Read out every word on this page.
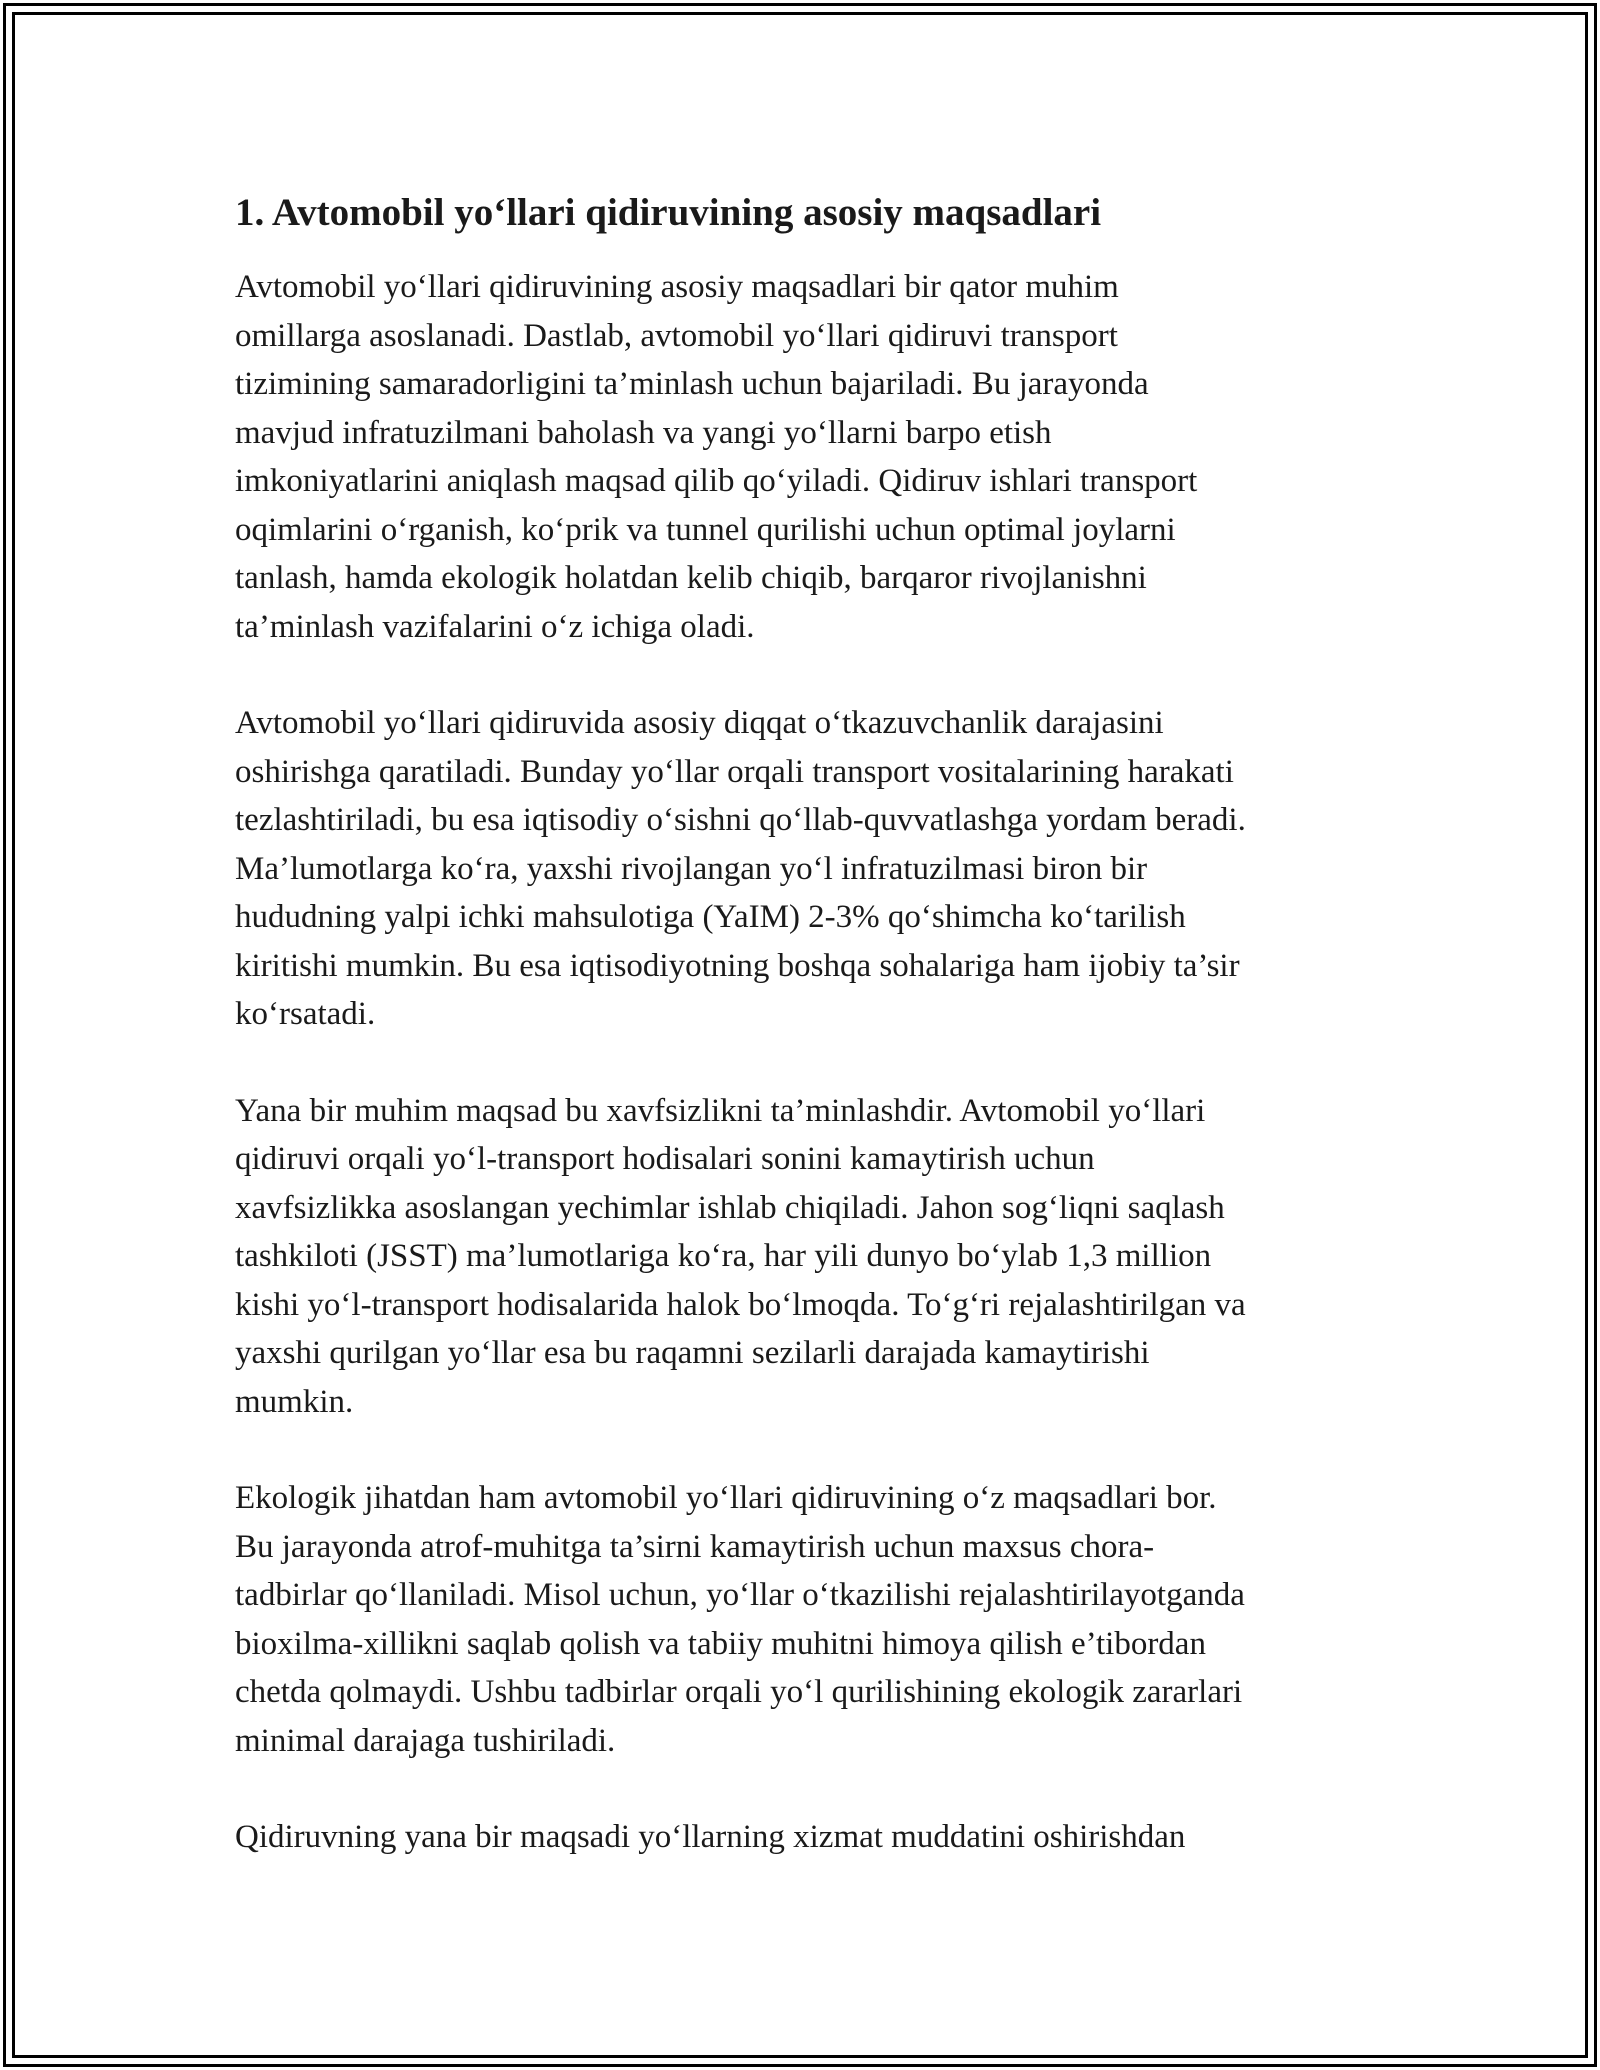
1. Avtomobil yo‘llari qidiruvining asosiy maqsadlari

Avtomobil yo‘llari qidiruvining asosiy maqsadlari bir qator muhim
omillarga asoslanadi. Dastlab, avtomobil yo‘llari qidiruvi transport
tizimining samaradorligini ta’minlash uchun bajariladi. Bu jarayonda
mavjud infratuzilmani baholash va yangi yo‘llarni barpo etish
imkoniyatlarini aniqlash maqsad qilib qo‘yiladi. Qidiruv ishlari transport
oqimlarini o‘rganish, ko‘prik va tunnel qurilishi uchun optimal joylarni
tanlash, hamda ekologik holatdan kelib chiqib, barqaror rivojlanishni
ta’minlash vazifalarini o‘z ichiga oladi.

Avtomobil yo‘llari qidiruvida asosiy diqqat o‘tkazuvchanlik darajasini
oshirishga qaratiladi. Bunday yo‘llar orqali transport vositalarining harakati
tezlashtiriladi, bu esa iqtisodiy o‘sishni qo‘llab-quvvatlashga yordam beradi.
Ma’lumotlarga ko‘ra, yaxshi rivojlangan yo‘l infratuzilmasi biron bir
hududning yalpi ichki mahsulotiga (YaIM) 2-3% qo‘shimcha ko‘tarilish
kiritishi mumkin. Bu esa iqtisodiyotning boshqa sohalariga ham ijobiy ta’sir
ko‘rsatadi.

Yana bir muhim maqsad bu xavfsizlikni ta’minlashdir. Avtomobil yo‘llari
qidiruvi orqali yo‘l-transport hodisalari sonini kamaytirish uchun
xavfsizlikka asoslangan yechimlar ishlab chiqiladi. Jahon sog‘liqni saqlash
tashkiloti (JSST) ma’lumotlariga ko‘ra, har yili dunyo bo‘ylab 1,3 million
kishi yo‘l-transport hodisalarida halok bo‘lmoqda. To‘g‘ri rejalashtirilgan va
yaxshi qurilgan yo‘llar esa bu raqamni sezilarli darajada kamaytirishi
mumkin.

Ekologik jihatdan ham avtomobil yo‘llari qidiruvining o‘z maqsadlari bor.
Bu jarayonda atrof-muhitga ta’sirni kamaytirish uchun maxsus chora-
tadbirlar qo‘llaniladi. Misol uchun, yo‘llar o‘tkazilishi rejalashtirilayotganda
bioxilma-xillikni saqlab qolish va tabiiy muhitni himoya qilish e’tibordan
chetda qolmaydi. Ushbu tadbirlar orqali yo‘l qurilishining ekologik zararlari
minimal darajaga tushiriladi.

Qidiruvning yana bir maqsadi yo‘llarning xizmat muddatini oshirishdan
